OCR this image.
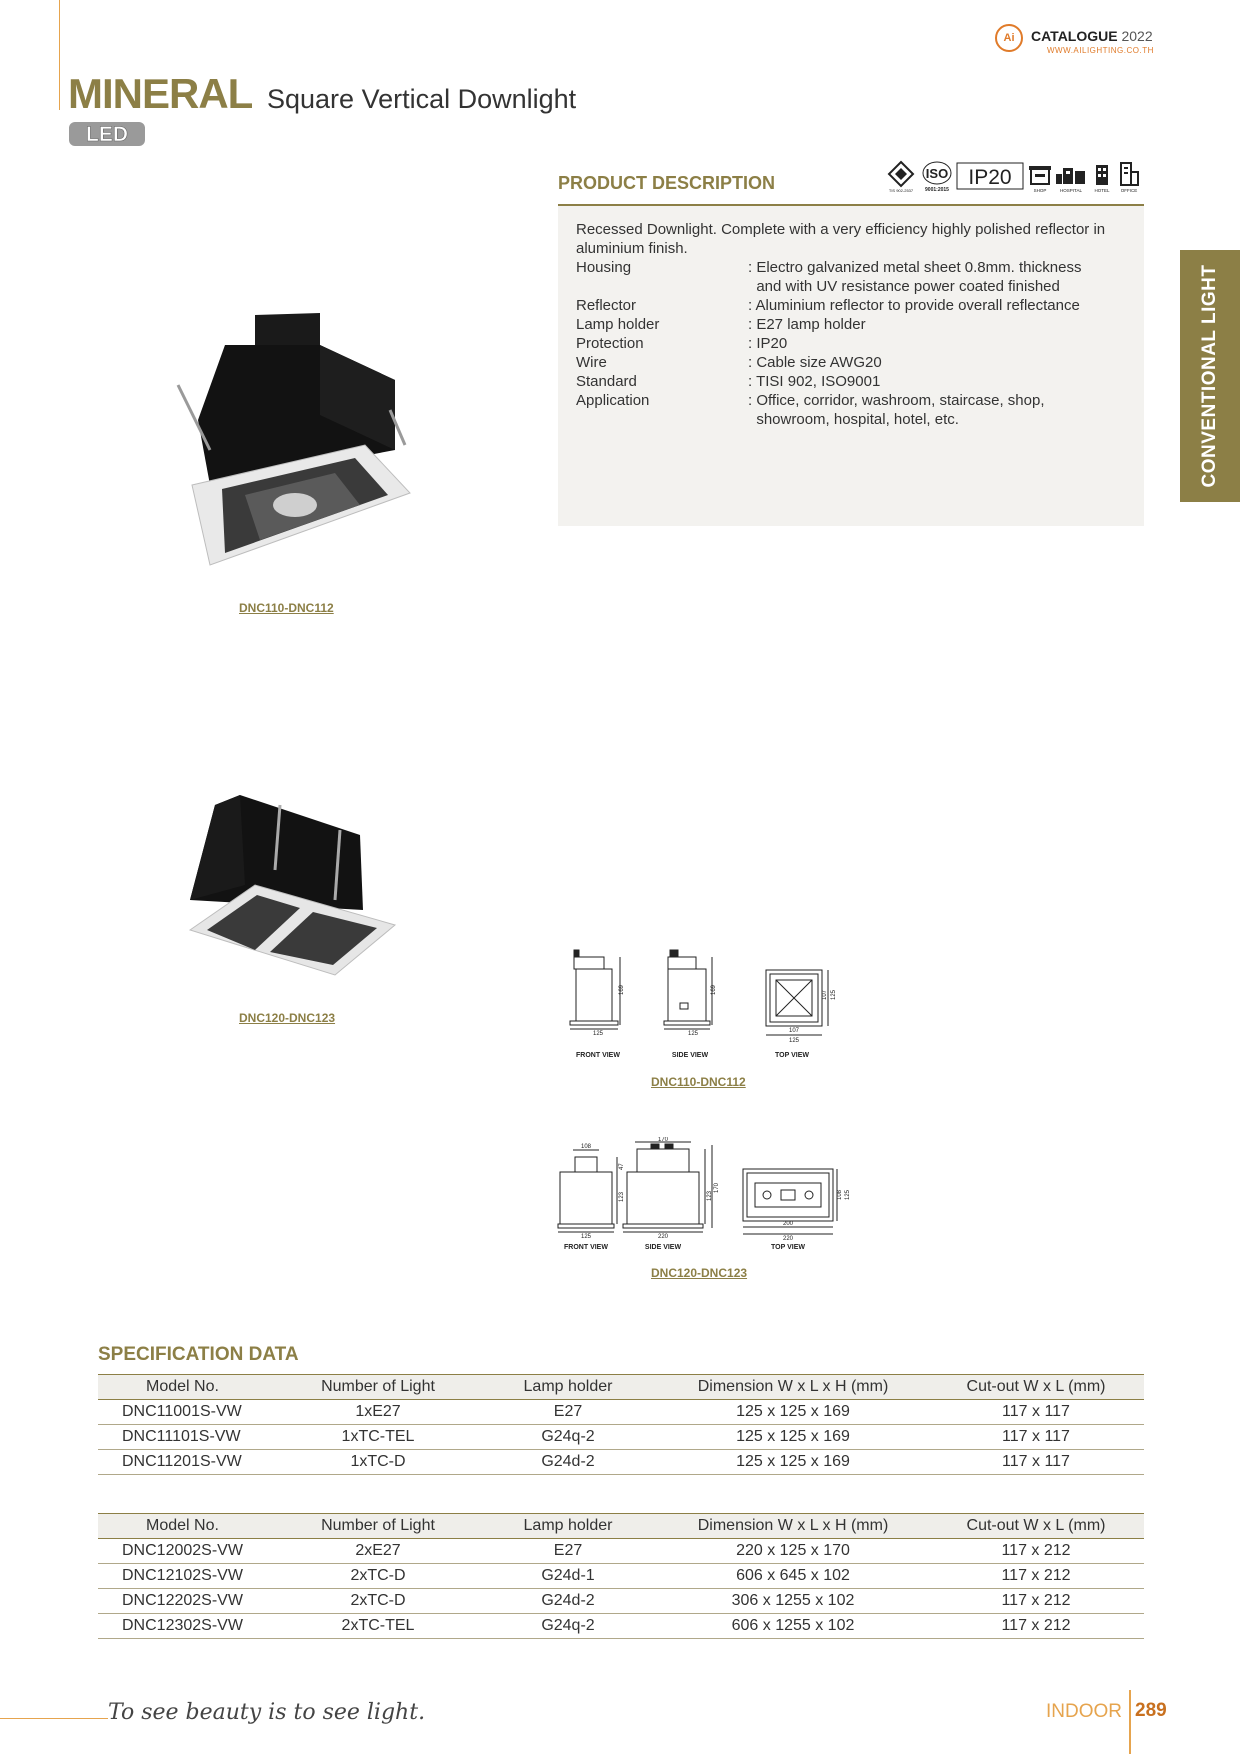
Ai	CATALOGUE 2022
WWW.AILIGHTING.CO.TH
MINERAL Square Vertical Downlight
LED
CONVENTIONAL LIGHT
PRODUCT DESCRIPTION	TIS 902-2537
ISO
9001:2015
IP20
SHOP	HOSPITAL	HOTEL OFFICE
Recessed Downlight. Complete with a very efficiency highly polished reflector in aluminium finish.
Housing	: Electro galvanized metal sheet 0.8mm. thickness
and with UV resistance power coated finished
Reflector	: Aluminium reflector to provide overall reflectance
Lamp holder	: E27 lamp holder
Protection	: IP20
Wire	: Cable size AWG20
Standard	: TISI 902, ISO9001
Application	: Office, corridor, washroom, staircase, shop,
showroom, hospital, hotel, etc.
DNC110-DNC112
DNC120-DNC123
125
169
125
169
107
125
107 125
FRONT VIEW	SIDE VIEW	TOP VIEW
DNC110-DNC112
108
47
123
125
170
123
170
220
200
220
108 125
FRONT VIEW	SIDE VIEW	TOP VIEW
DNC120-DNC123
SPECIFICATION DATA
Model No.	Number of Light	Lamp holder	Dimension W x L x H (mm)	Cut-out W x L (mm)
DNC11001S-VW	1xE27	E27	125 x 125 x 169	117 x 117
DNC11101S-VW	1xTC-TEL	G24q-2	125 x 125 x 169	117 x 117
DNC11201S-VW	1xTC-D	G24d-2	125 x 125 x 169	117 x 117
Model No.	Number of Light	Lamp holder	Dimension W x L x H (mm)	Cut-out W x L (mm)
DNC12002S-VW	2xE27	E27	220 x 125 x 170	117 x 212
DNC12102S-VW	2xTC-D	G24d-1	606 x 645 x 102	117 x 212
DNC12202S-VW	2xTC-D	G24d-2	306 x 1255 x 102	117 x 212
DNC12302S-VW	2xTC-TEL	G24q-2	606 x 1255 x 102	117 x 212
To see beauty is to see light.	INDOOR 289
